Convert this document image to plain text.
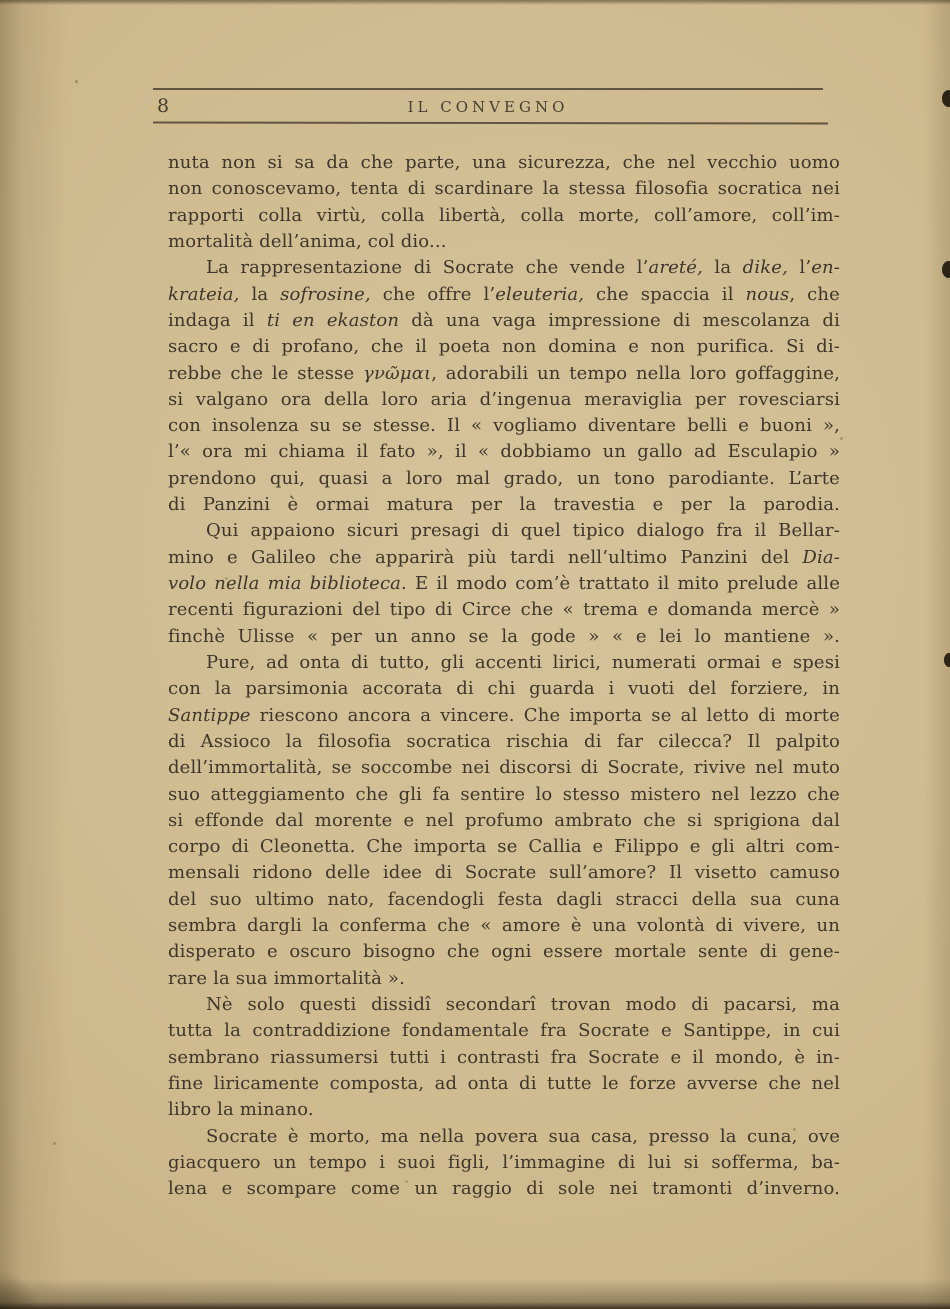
8	IL CONVEGNO
nuta non si sa da che parte, una sicurezza, che nel vecchio uomo
non conoscevamo, tenta di scardinare la stessa filosofia socratica nei
rapporti colla virtù, colla libertà, colla morte, coll’amore, coll’im-
mortalità dell’anima, col dio...
La rappresentazione di Socrate che vende l’areté, la dike, l’en-
krateia, la sofrosine, che offre l’eleuteria, che spaccia il nous, che
indaga il ti en ekaston dà una vaga impressione di mescolanza di
sacro e di profano, che il poeta non domina e non purifica. Si di-
rebbe che le stesse γνῶμαι, adorabili un tempo nella loro goffaggine,
si valgano ora della loro aria d’ingenua meraviglia per rovesciarsi
con insolenza su se stesse. Il « vogliamo diventare belli e buoni »,
l’« ora mi chiama il fato », il « dobbiamo un gallo ad Esculapio »
prendono qui, quasi a loro mal grado, un tono parodiante. L’arte
di Panzini è ormai matura per la travestia e per la parodia.
Qui appaiono sicuri presagi di quel tipico dialogo fra il Bellar-
mino e Galileo che apparirà più tardi nell’ultimo Panzini del Dia-
volo nella mia biblioteca. E il modo com’è trattato il mito prelude alle
recenti figurazioni del tipo di Circe che « trema e domanda mercè »
finchè Ulisse « per un anno se la gode » « e lei lo mantiene ».
Pure, ad onta di tutto, gli accenti lirici, numerati ormai e spesi
con la parsimonia accorata di chi guarda i vuoti del forziere, in
Santippe riescono ancora a vincere. Che importa se al letto di morte
di Assioco la filosofia socratica rischia di far cilecca? Il palpito
dell’immortalità, se soccombe nei discorsi di Socrate, rivive nel muto
suo atteggiamento che gli fa sentire lo stesso mistero nel lezzo che
si effonde dal morente e nel profumo ambrato che si sprigiona dal
corpo di Cleonetta. Che importa se Callia e Filippo e gli altri com-
mensali ridono delle idee di Socrate sull’amore? Il visetto camuso
del suo ultimo nato, facendogli festa dagli stracci della sua cuna
sembra dargli la conferma che « amore è una volontà di vivere, un
disperato e oscuro bisogno che ogni essere mortale sente di gene-
rare la sua immortalità ».
Nè solo questi dissidî secondarî trovan modo di pacarsi, ma
tutta la contraddizione fondamentale fra Socrate e Santippe, in cui
sembrano riassumersi tutti i contrasti fra Socrate e il mondo, è in-
fine liricamente composta, ad onta di tutte le forze avverse che nel
libro la minano.
Socrate è morto, ma nella povera sua casa, presso la cuna, ove
giacquero un tempo i suoi figli, l’immagine di lui si sofferma, ba-
lena e scompare come un raggio di sole nei tramonti d’inverno.
